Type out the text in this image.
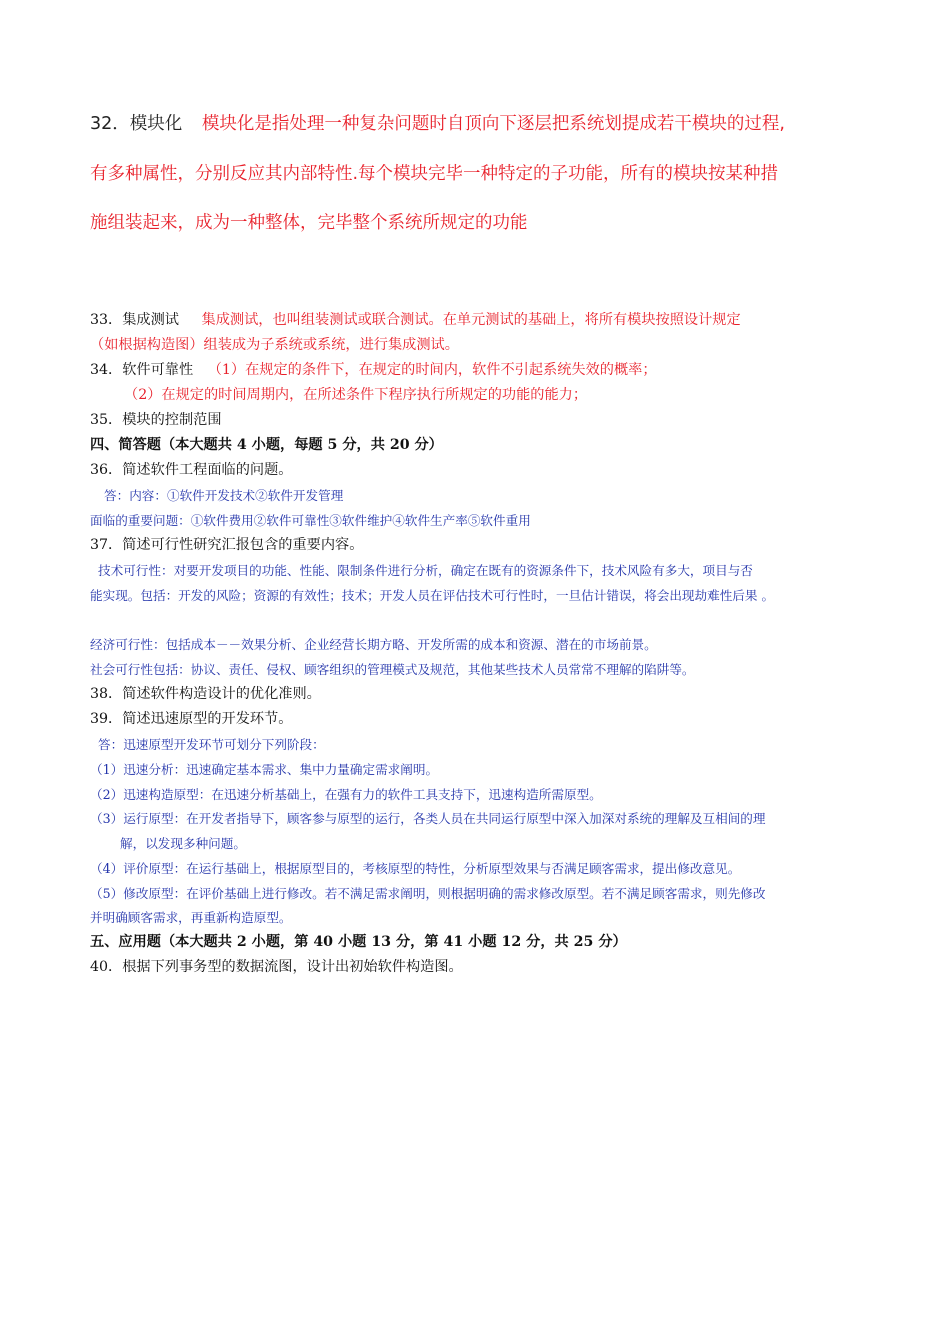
32．模块化 模块化是指处理一种复杂问题时自顶向下逐层把系统划提成若干模块的过程,
有多种属性，分别反应其内部特性.每个模块完毕一种特定的子功能，所有的模块按某种措
施组装起来，成为一种整体，完毕整个系统所规定的功能
33．集成测试 集成测试，也叫组装测试或联合测试。在单元测试的基础上，将所有模块按照设计规定
（如根据构造图）组装成为子系统或系统，进行集成测试。
34．软件可靠性 （1）在规定的条件下，在规定的时间内，软件不引起系统失效的概率；
（2）在规定的时间周期内，在所述条件下程序执行所规定的功能的能力；
35．模块的控制范围
四、简答题（本大题共 4 小题，每题 5 分，共 20 分）
36．简述软件工程面临的问题。
答：内容：①软件开发技术②软件开发管理
面临的重要问题：①软件费用②软件可靠性③软件维护④软件生产率⑤软件重用
37．简述可行性研究汇报包含的重要内容。
技术可行性：对要开发项目的功能、性能、限制条件进行分析，确定在既有的资源条件下，技术风险有多大，项目与否
能实现。包括：开发的风险；资源的有效性；技术；开发人员在评估技术可行性时，一旦估计错误，将会出现劫难性后果 。
经济可行性：包括成本－－效果分析、企业经营长期方略、开发所需的成本和资源、潜在的市场前景。
社会可行性包括：协议、责任、侵权、顾客组织的管理模式及规范，其他某些技术人员常常不理解的陷阱等。
38．简述软件构造设计的优化准则。
39．简述迅速原型的开发环节。
答：迅速原型开发环节可划分下列阶段：
（1）迅速分析：迅速确定基本需求、集中力量确定需求阐明。
（2）迅速构造原型：在迅速分析基础上，在强有力的软件工具支持下，迅速构造所需原型。
（3）运行原型：在开发者指导下，顾客参与原型的运行，各类人员在共同运行原型中深入加深对系统的理解及互相间的理
解，以发现多种问题。
（4）评价原型：在运行基础上，根据原型目的，考核原型的特性，分析原型效果与否满足顾客需求，提出修改意见。
（5）修改原型：在评价基础上进行修改。若不满足需求阐明，则根据明确的需求修改原型。若不满足顾客需求，则先修改
并明确顾客需求，再重新构造原型。
五、应用题（本大题共 2 小题，第 40 小题 13 分，第 41 小题 12 分，共 25 分）
40．根据下列事务型的数据流图，设计出初始软件构造图。
